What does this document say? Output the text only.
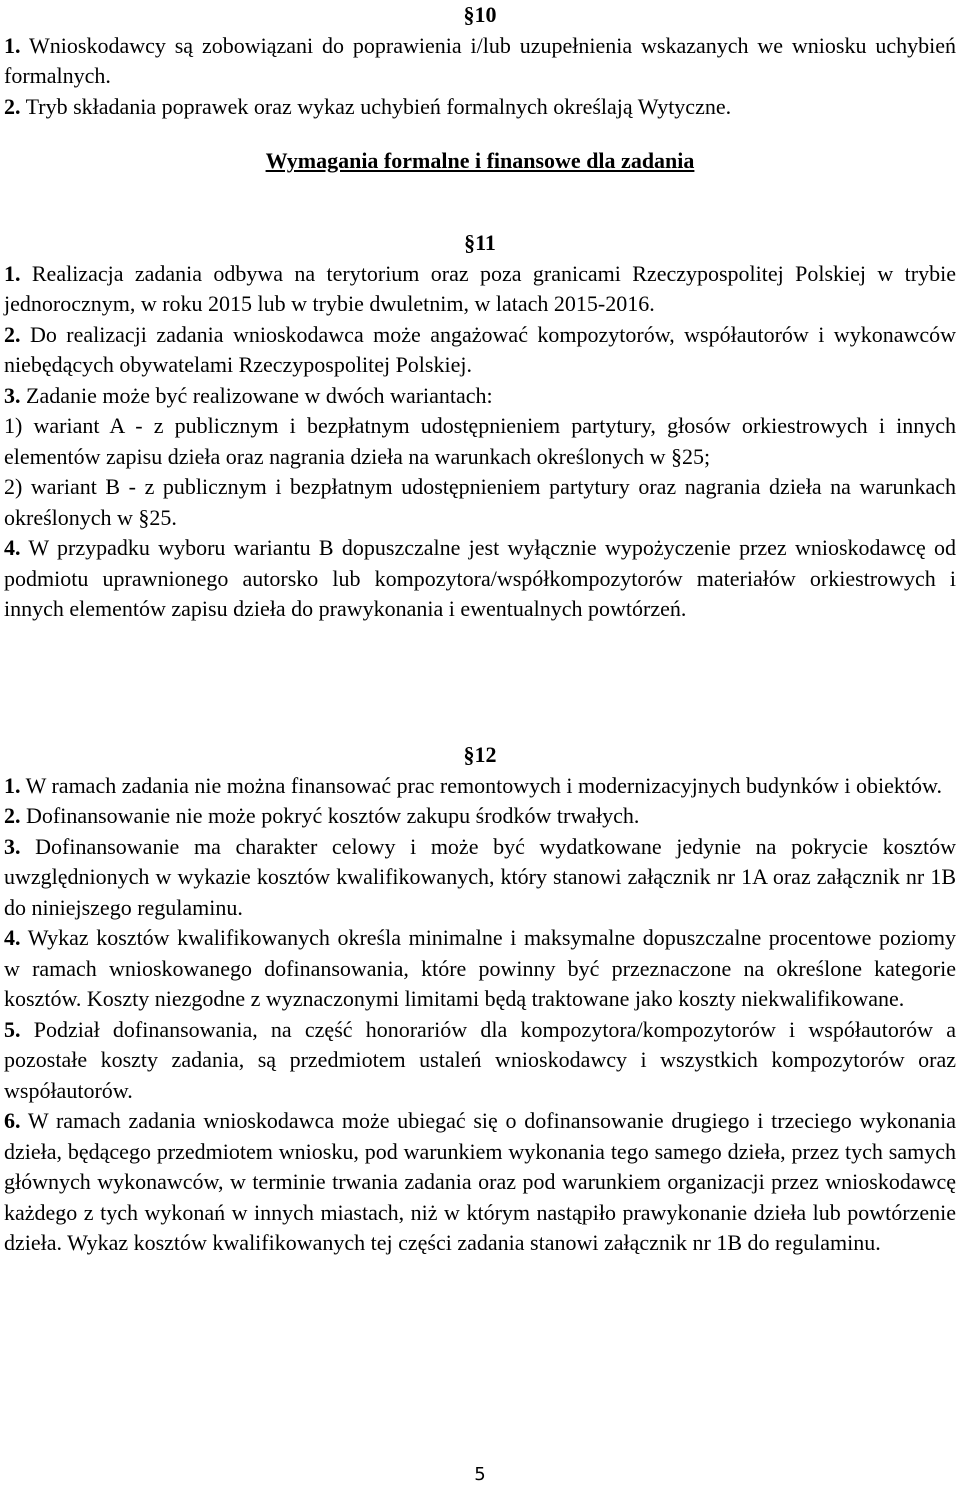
§10

1. Wnioskodawcy są zobowiązani do poprawienia i/lub uzupełnienia wskazanych we wniosku uchybień formalnych.

2. Tryb składania poprawek oraz wykaz uchybień formalnych określają Wytyczne.

Wymagania formalne i finansowe dla zadania

§11

1. Realizacja zadania odbywa na terytorium oraz poza granicami Rzeczypospolitej Polskiej w trybie jednorocznym, w roku 2015 lub w trybie dwuletnim, w latach 2015-2016.

2. Do realizacji zadania wnioskodawca może angażować kompozytorów, współautorów i wykonawców niebędących obywatelami Rzeczypospolitej Polskiej.

3. Zadanie może być realizowane w dwóch wariantach:

1) wariant A - z publicznym i bezpłatnym udostępnieniem partytury, głosów orkiestrowych i innych elementów zapisu dzieła oraz nagrania dzieła na warunkach określonych w §25;

2) wariant B - z publicznym i bezpłatnym udostępnieniem partytury oraz nagrania dzieła na warunkach określonych w §25.

4. W przypadku wyboru wariantu B dopuszczalne jest wyłącznie wypożyczenie przez wnioskodawcę od podmiotu uprawnionego autorsko lub kompozytora/współkompozytorów materiałów orkiestrowych i innych elementów zapisu dzieła do prawykonania i ewentualnych powtórzeń.

§12

1. W ramach zadania nie można finansować prac remontowych i modernizacyjnych budynków i obiektów.

2. Dofinansowanie nie może pokryć kosztów zakupu środków trwałych.

3. Dofinansowanie ma charakter celowy i może być wydatkowane jedynie na pokrycie kosztów uwzględnionych w wykazie kosztów kwalifikowanych, który stanowi załącznik nr 1A oraz załącznik nr 1B do niniejszego regulaminu.

4. Wykaz kosztów kwalifikowanych określa minimalne i maksymalne dopuszczalne procentowe poziomy w ramach wnioskowanego dofinansowania, które powinny być przeznaczone na określone kategorie kosztów. Koszty niezgodne z wyznaczonymi limitami będą traktowane jako koszty niekwalifikowane.

5. Podział dofinansowania, na część honorariów dla kompozytora/kompozytorów i współautorów a pozostałe koszty zadania, są przedmiotem ustaleń wnioskodawcy i wszystkich kompozytorów oraz współautorów.

6. W ramach zadania wnioskodawca może ubiegać się o dofinansowanie drugiego i trzeciego wykonania dzieła, będącego przedmiotem wniosku, pod warunkiem wykonania tego samego dzieła, przez tych samych głównych wykonawców, w terminie trwania zadania oraz pod warunkiem organizacji przez wnioskodawcę każdego z tych wykonań w innych miastach, niż w którym nastąpiło prawykonanie dzieła lub powtórzenie dzieła. Wykaz kosztów kwalifikowanych tej części zadania stanowi załącznik nr 1B do regulaminu.

5
